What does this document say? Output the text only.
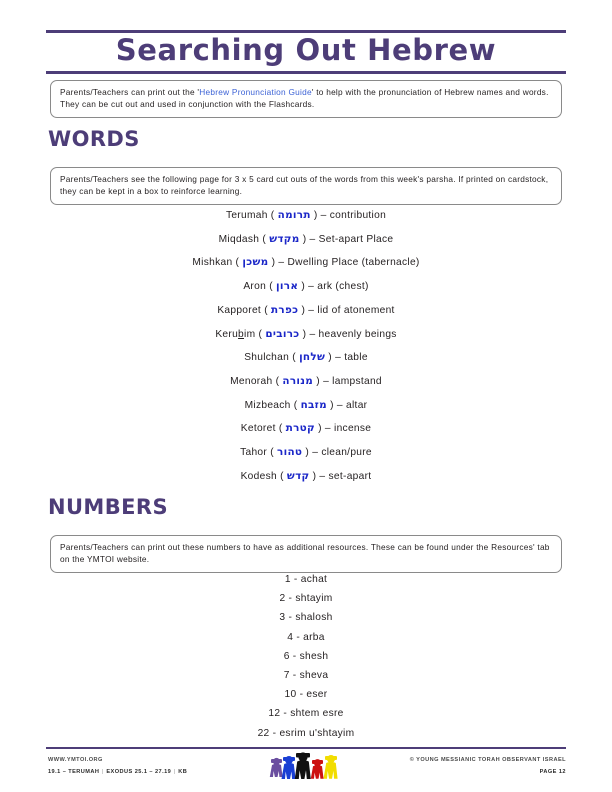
Searching Out Hebrew
Parents/Teachers can print out the 'Hebrew Pronunciation Guide' to help with the pronunciation of Hebrew names and words. They can be cut out and used in conjunction with the Flashcards.
WORDS
Parents/Teachers see the following page for 3 x 5 card cut outs of the words from this week's parsha. If printed on cardstock, they can be kept in a box to reinforce learning.
Terumah ( תרומה ) – contribution
Miqdash ( מקדש ) – Set-apart Place
Mishkan ( משכן ) – Dwelling Place (tabernacle)
Aron ( ארון ) – ark (chest)
Kapporet ( כפרת ) – lid of atonement
Kerubim ( כרובים ) – heavenly beings
Shulchan ( שלחן ) – table
Menorah ( מנורה ) – lampstand
Mizbeach ( מזבח ) – altar
Ketoret ( קטרת ) – incense
Tahor ( טהור ) – clean/pure
Kodesh ( קדש ) – set-apart
NUMBERS
Parents/Teachers can print out these numbers to have as additional resources. These can be found under the Resources' tab on the YMTOI website.
1 - achat
2 - shtayim
3 - shalosh
4 - arba
6 - shesh
7 - sheva
10 - eser
12 - shtem esre
22 - esrim u'shtayim
WWW.YMTOI.ORG
19.1 – TERUMAH | EXODUS 25.1 – 27.19 | KB
© YOUNG MESSIANIC TORAH OBSERVANT ISRAEL
PAGE 12
